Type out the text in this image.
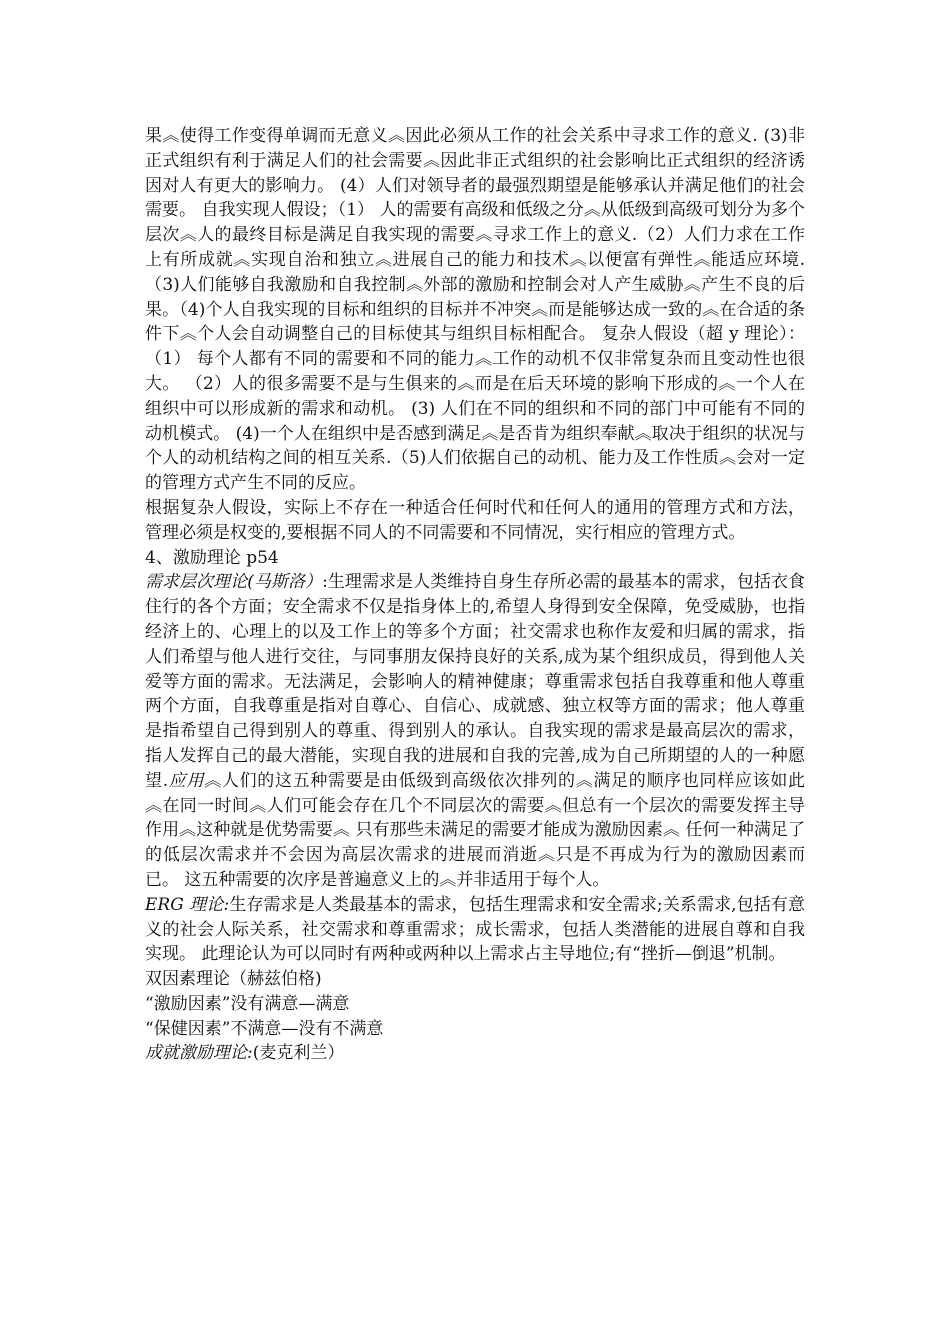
果︽使得工作变得单调而无意义︽因此必须从工作的社会关系中寻求工作的意义. (3)非正式组织有利于满足人们的社会需要︽因此非正式组织的社会影响比正式组织的经济诱因对人有更大的影响力。 (4）人们对领导者的最强烈期望是能够承认并满足他们的社会需要。 自我实现人假设；（1） 人的需要有高级和低级之分︽从低级到高级可划分为多个层次︽人的最终目标是满足自我实现的需要︽寻求工作上的意义.（2）人们力求在工作上有所成就︽实现自治和独立︽进展自己的能力和技术︽以便富有弹性︽能适应环境.（3)人们能够自我激励和自我控制︽外部的激励和控制会对人产生威胁︽产生不良的后果。（4)个人自我实现的目标和组织的目标并不冲突︽而是能够达成一致的︽在合适的条件下︽个人会自动调整自己的目标使其与组织目标相配合。 复杂人假设（超 y 理论）：（1） 每个人都有不同的需要和不同的能力︽工作的动机不仅非常复杂而且变动性也很大。 （2）人的很多需要不是与生俱来的︽而是在后天环境的影响下形成的︽一个人在组织中可以形成新的需求和动机。 (3) 人们在不同的组织和不同的部门中可能有不同的动机模式。 (4)一个人在组织中是否感到满足︽是否肯为组织奉献︽取决于组织的状况与个人的动机结构之间的相互关系.（5)人们依据自己的动机、能力及工作性质︽会对一定的管理方式产生不同的反应。

根据复杂人假设，实际上不存在一种适合任何时代和任何人的通用的管理方式和方法，管理必须是权变的,要根据不同人的不同需要和不同情况，实行相应的管理方式。

4、激励理论 p54

需求层次理论(马斯洛）:生理需求是人类维持自身生存所必需的最基本的需求，包括衣食住行的各个方面；安全需求不仅是指身体上的,希望人身得到安全保障，免受威胁，也指经济上的、心理上的以及工作上的等多个方面；社交需求也称作友爱和归属的需求，指人们希望与他人进行交往，与同事朋友保持良好的关系,成为某个组织成员，得到他人关爱等方面的需求。无法满足，会影响人的精神健康；尊重需求包括自我尊重和他人尊重两个方面，自我尊重是指对自尊心、自信心、成就感、独立权等方面的需求；他人尊重是指希望自己得到别人的尊重、得到别人的承认。自我实现的需求是最高层次的需求，指人发挥自己的最大潜能，实现自我的进展和自我的完善,成为自己所期望的人的一种愿望.应用︽人们的这五种需要是由低级到高级依次排列的︽满足的顺序也同样应该如此︽在同一时间︽人们可能会存在几个不同层次的需要︽但总有一个层次的需要发挥主导作用︽这种就是优势需要︽ 只有那些未满足的需要才能成为激励因素︽ 任何一种满足了的低层次需求并不会因为高层次需求的进展而消逝︽只是不再成为行为的激励因素而已。 这五种需要的次序是普遍意义上的︽并非适用于每个人。

ERG 理论:生存需求是人类最基本的需求，包括生理需求和安全需求;关系需求,包括有意义的社会人际关系，社交需求和尊重需求；成长需求，包括人类潜能的进展自尊和自我实现。 此理论认为可以同时有两种或两种以上需求占主导地位;有“挫折—倒退”机制。

双因素理论（赫兹伯格)

“激励因素”没有满意—满意

“保健因素”不满意—没有不满意

成就激励理论:(麦克利兰）
